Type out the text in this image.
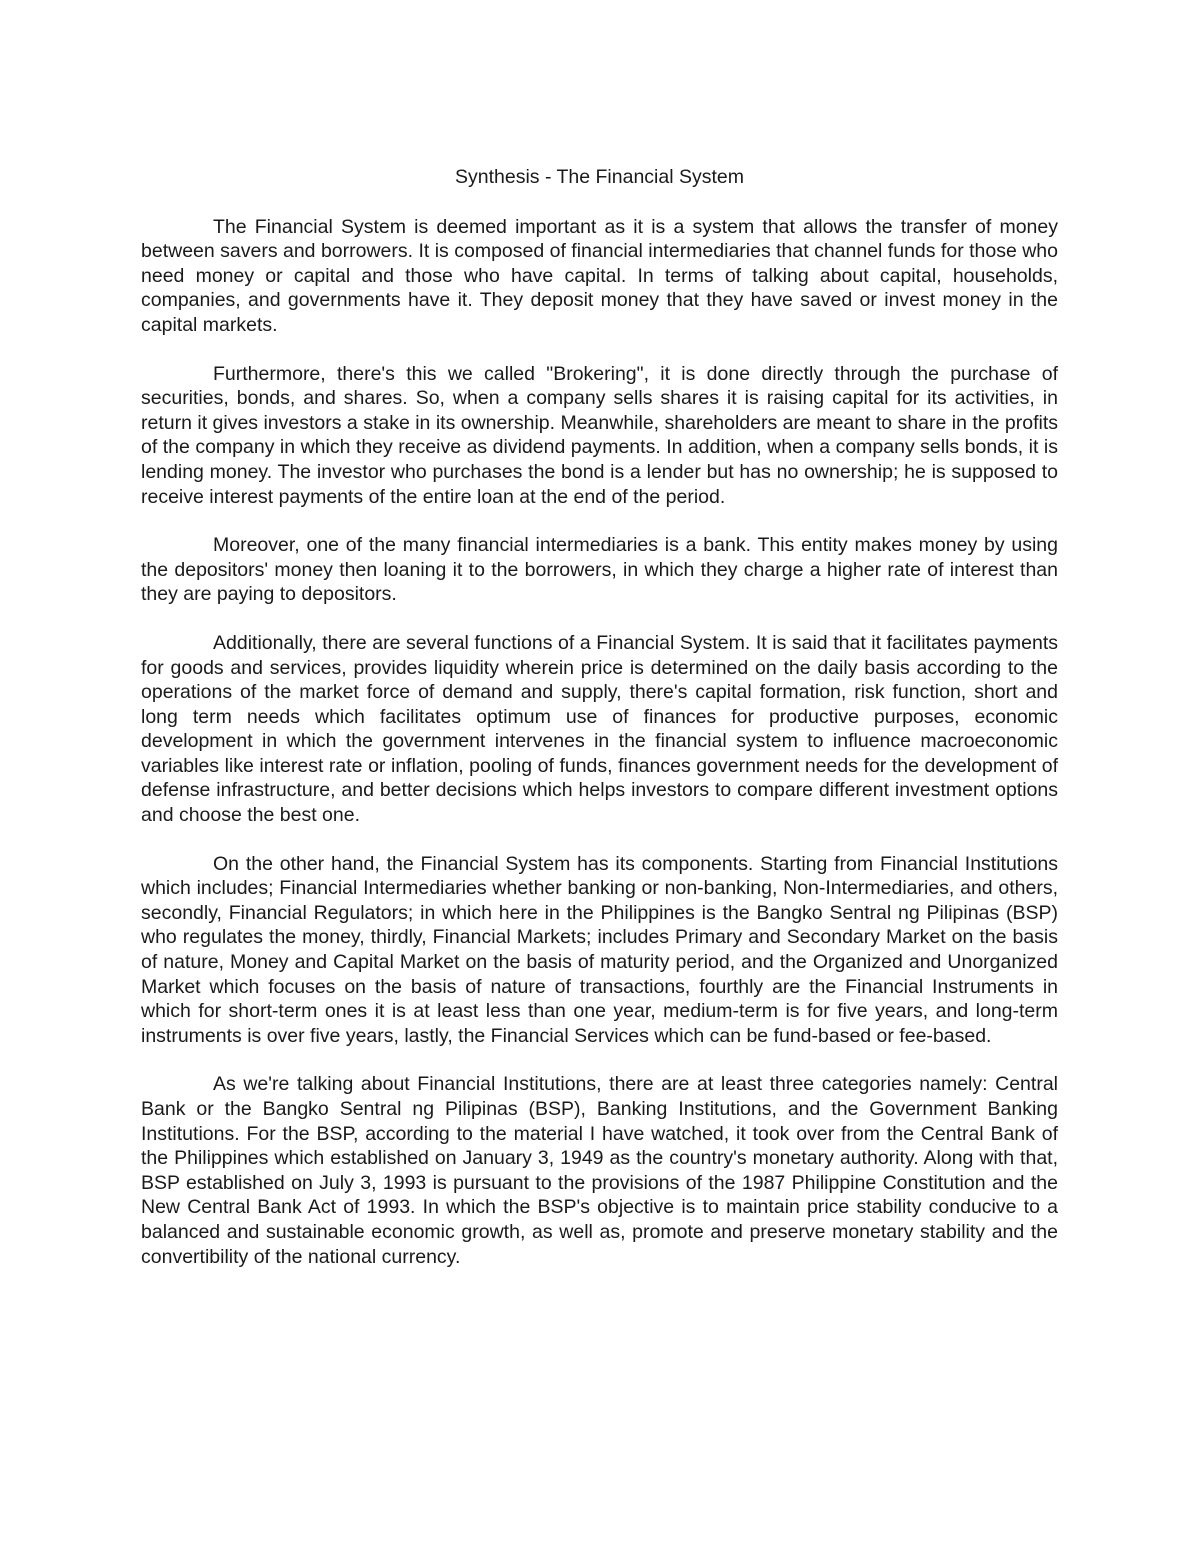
Synthesis - The Financial System

The Financial System is deemed important as it is a system that allows the transfer of money between savers and borrowers. It is composed of financial intermediaries that channel funds for those who need money or capital and those who have capital. In terms of talking about capital, households, companies, and governments have it. They deposit money that they have saved or invest money in the capital markets.

Furthermore, there's this we called "Brokering", it is done directly through the purchase of securities, bonds, and shares. So, when a company sells shares it is raising capital for its activities, in return it gives investors a stake in its ownership. Meanwhile, shareholders are meant to share in the profits of the company in which they receive as dividend payments. In addition, when a company sells bonds, it is lending money. The investor who purchases the bond is a lender but has no ownership; he is supposed to receive interest payments of the entire loan at the end of the period.

Moreover, one of the many financial intermediaries is a bank. This entity makes money by using the depositors' money then loaning it to the borrowers, in which they charge a higher rate of interest than they are paying to depositors.

Additionally, there are several functions of a Financial System. It is said that it facilitates payments for goods and services, provides liquidity wherein price is determined on the daily basis according to the operations of the market force of demand and supply, there's capital formation, risk function, short and long term needs which facilitates optimum use of finances for productive purposes, economic development in which the government intervenes in the financial system to influence macroeconomic variables like interest rate or inflation, pooling of funds, finances government needs for the development of defense infrastructure, and better decisions which helps investors to compare different investment options and choose the best one.

On the other hand, the Financial System has its components. Starting from Financial Institutions which includes; Financial Intermediaries whether banking or non-banking, Non-Intermediaries, and others, secondly, Financial Regulators; in which here in the Philippines is the Bangko Sentral ng Pilipinas (BSP) who regulates the money, thirdly, Financial Markets; includes Primary and Secondary Market on the basis of nature, Money and Capital Market on the basis of maturity period, and the Organized and Unorganized Market which focuses on the basis of nature of transactions, fourthly are the Financial Instruments in which for short-term ones it is at least less than one year, medium-term is for five years, and long-term instruments is over five years, lastly, the Financial Services which can be fund-based or fee-based.

As we're talking about Financial Institutions, there are at least three categories namely: Central Bank or the Bangko Sentral ng Pilipinas (BSP), Banking Institutions, and the Government Banking Institutions. For the BSP, according to the material I have watched, it took over from the Central Bank of the Philippines which established on January 3, 1949 as the country's monetary authority. Along with that, BSP established on July 3, 1993 is pursuant to the provisions of the 1987 Philippine Constitution and the New Central Bank Act of 1993. In which the BSP's objective is to maintain price stability conducive to a balanced and sustainable economic growth, as well as, promote and preserve monetary stability and the convertibility of the national currency.
